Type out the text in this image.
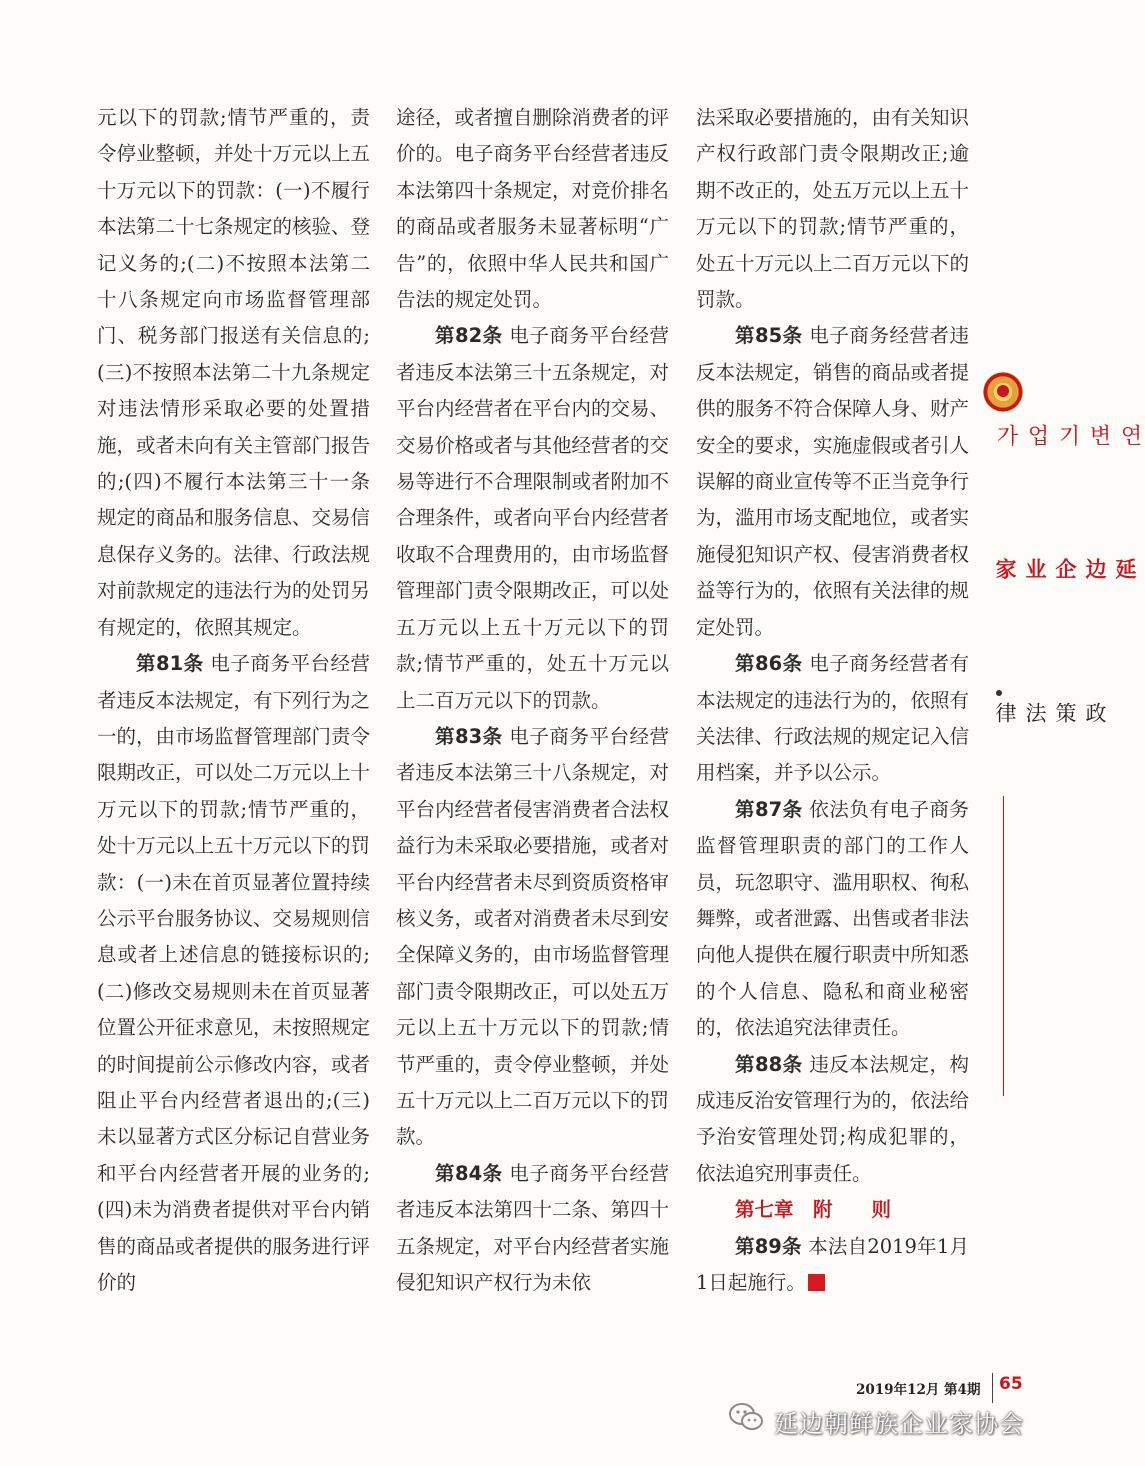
元以下的罚款;情节严重的，责令停业整顿，并处十万元以上五十万元以下的罚款：(一)不履行本法第二十七条规定的核验、登记义务的;(二)不按照本法第二十八条规定向市场监督管理部门、税务部门报送有关信息的;(三)不按照本法第二十九条规定对违法情形采取必要的处置措施，或者未向有关主管部门报告的;(四)不履行本法第三十一条规定的商品和服务信息、交易信息保存义务的。法律、行政法规对前款规定的违法行为的处罚另有规定的，依照其规定。

第81条 电子商务平台经营者违反本法规定，有下列行为之一的，由市场监督管理部门责令限期改正，可以处二万元以上十万元以下的罚款;情节严重的，处十万元以上五十万元以下的罚款：(一)未在首页显著位置持续公示平台服务协议、交易规则信息或者上述信息的链接标识的;(二)修改交易规则未在首页显著位置公开征求意见，未按照规定的时间提前公示修改内容，或者阻止平台内经营者退出的;(三)未以显著方式区分标记自营业务和平台内经营者开展的业务的;(四)未为消费者提供对平台内销售的商品或者提供的服务进行评价的

途径，或者擅自删除消费者的评价的。电子商务平台经营者违反本法第四十条规定，对竞价排名的商品或者服务未显著标明“广告”的，依照中华人民共和国广告法的规定处罚。

第82条 电子商务平台经营者违反本法第三十五条规定，对平台内经营者在平台内的交易、交易价格或者与其他经营者的交易等进行不合理限制或者附加不合理条件，或者向平台内经营者收取不合理费用的，由市场监督管理部门责令限期改正，可以处五万元以上五十万元以下的罚款;情节严重的，处五十万元以上二百万元以下的罚款。

第83条 电子商务平台经营者违反本法第三十八条规定，对平台内经营者侵害消费者合法权益行为未采取必要措施，或者对平台内经营者未尽到资质资格审核义务，或者对消费者未尽到安全保障义务的，由市场监督管理部门责令限期改正，可以处五万元以上五十万元以下的罚款;情节严重的，责令停业整顿，并处五十万元以上二百万元以下的罚款。

第84条 电子商务平台经营者违反本法第四十二条、第四十五条规定，对平台内经营者实施侵犯知识产权行为未依

法采取必要措施的，由有关知识产权行政部门责令限期改正;逾期不改正的，处五万元以上五十万元以下的罚款;情节严重的，处五十万元以上二百万元以下的罚款。

第85条 电子商务经营者违反本法规定，销售的商品或者提供的服务不符合保障人身、财产安全的要求，实施虚假或者引人误解的商业宣传等不正当竞争行为，滥用市场支配地位，或者实施侵犯知识产权、侵害消费者权益等行为的，依照有关法律的规定处罚。

第86条 电子商务经营者有本法规定的违法行为的，依照有关法律、行政法规的规定记入信用档案，并予以公示。

第87条 依法负有电子商务监督管理职责的部门的工作人员，玩忽职守、滥用职权、徇私舞弊，或者泄露、出售或者非法向他人提供在履行职责中所知悉的个人信息、隐私和商业秘密的，依法追究法律责任。

第88条 违反本法规定，构成违反治安管理行为的，依法给予治安管理处罚;构成犯罪的，依法追究刑事责任。

第七章　附　　则

第89条 本法自2019年1月1日起施行。

연변기업가
延边企业家
政策法律
2019年12月 第4期 65
延边朝鲜族企业家协会
